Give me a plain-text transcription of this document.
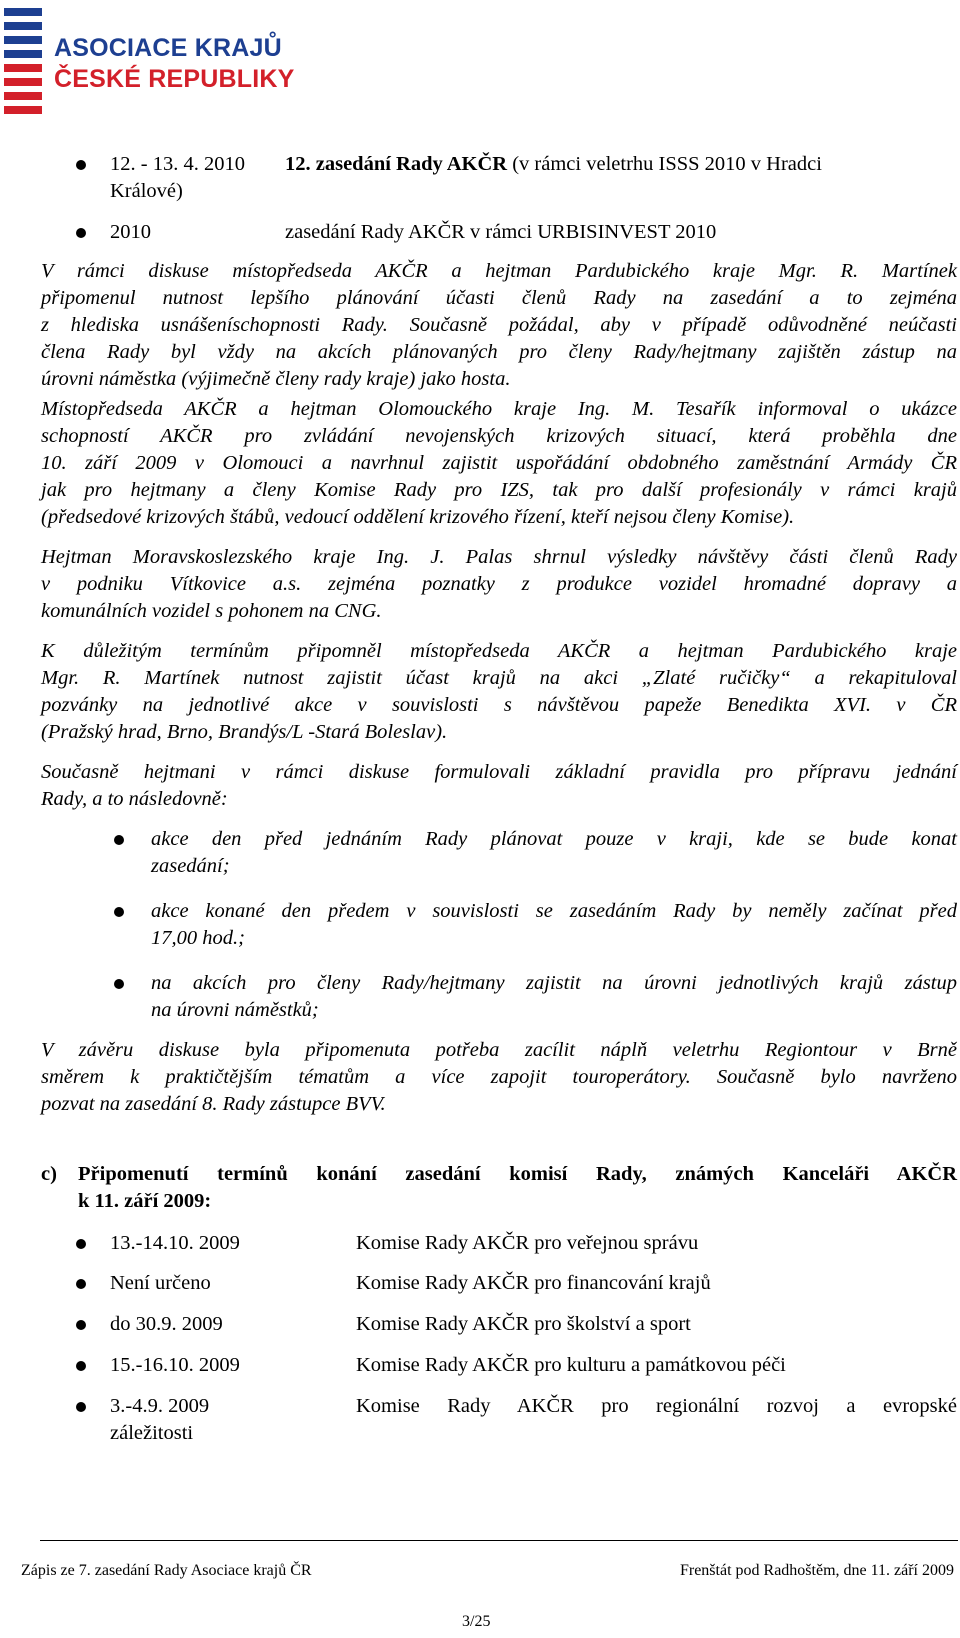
ASOCIACE KRAJŮ
ČESKÉ REPUBLIKY
12. - 13. 4. 2010 12. zasedání Rady AKČR (v rámci veletrhu ISSS 2010 v Hradci
Králové)
2010	zasedání Rady AKČR v rámci URBISINVEST 2010
V rámci diskuse místopředseda AKČR a hejtman Pardubického kraje Mgr. R. Martínek
připomenul nutnost lepšího plánování účasti členů Rady na zasedání a to zejména
z hlediska usnášeníschopnosti Rady. Současně požádal, aby v případě odůvodněné neúčasti
člena Rady byl vždy na akcích plánovaných pro členy Rady/hejtmany zajištěn zástup na
úrovni náměstka (výjimečně členy rady kraje) jako hosta.
Místopředseda AKČR a hejtman Olomouckého kraje Ing. M. Tesařík informoval o ukázce
schopností AKČR pro zvládání nevojenských krizových situací, která proběhla dne
10. září 2009 v Olomouci a navrhnul zajistit uspořádání obdobného zaměstnání Armády ČR
jak pro hejtmany a členy Komise Rady pro IZS, tak pro další profesionály v rámci krajů
(předsedové krizových štábů, vedoucí oddělení krizového řízení, kteří nejsou členy Komise).
Hejtman Moravskoslezského kraje Ing. J. Palas shrnul výsledky návštěvy části členů Rady
v podniku Vítkovice a.s. zejména poznatky z produkce vozidel hromadné dopravy a
komunálních vozidel s pohonem na CNG.
K důležitým termínům připomněl místopředseda AKČR a hejtman Pardubického kraje
Mgr. R. Martínek nutnost zajistit účast krajů na akci „Zlaté ručičky“ a rekapituloval
pozvánky na jednotlivé akce v souvislosti s návštěvou papeže Benedikta XVI. v ČR
(Pražský hrad, Brno, Brandýs/L -Stará Boleslav).
Současně hejtmani v rámci diskuse formulovali základní pravidla pro přípravu jednání
Rady, a to následovně:
akce den před jednáním Rady plánovat pouze v kraji, kde se bude konat
zasedání;
akce konané den předem v souvislosti se zasedáním Rady by neměly začínat před
17,00 hod.;
na akcích pro členy Rady/hejtmany zajistit na úrovni jednotlivých krajů zástup
na úrovni náměstků;
V závěru diskuse byla připomenuta potřeba zacílit náplň veletrhu Regiontour v Brně
směrem k praktičtějším tématům a více zapojit touroperátory. Současně bylo navrženo
pozvat na zasedání 8. Rady zástupce BVV.
c) Připomenutí termínů konání zasedání komisí Rady, známých Kanceláři AKČR
k 11. září 2009:
13.-14.10. 2009	Komise Rady AKČR pro veřejnou správu
Není určeno	Komise Rady AKČR pro financování krajů
do 30.9. 2009	Komise Rady AKČR pro školství a sport
15.-16.10. 2009	Komise Rady AKČR pro kulturu a památkovou péči
3.-4.9. 2009	Komise Rady AKČR pro regionální rozvoj a evropské
záležitosti
Zápis ze 7. zasedání Rady Asociace krajů ČR	Frenštát pod Radhoštěm, dne 11. září 2009
3/25
